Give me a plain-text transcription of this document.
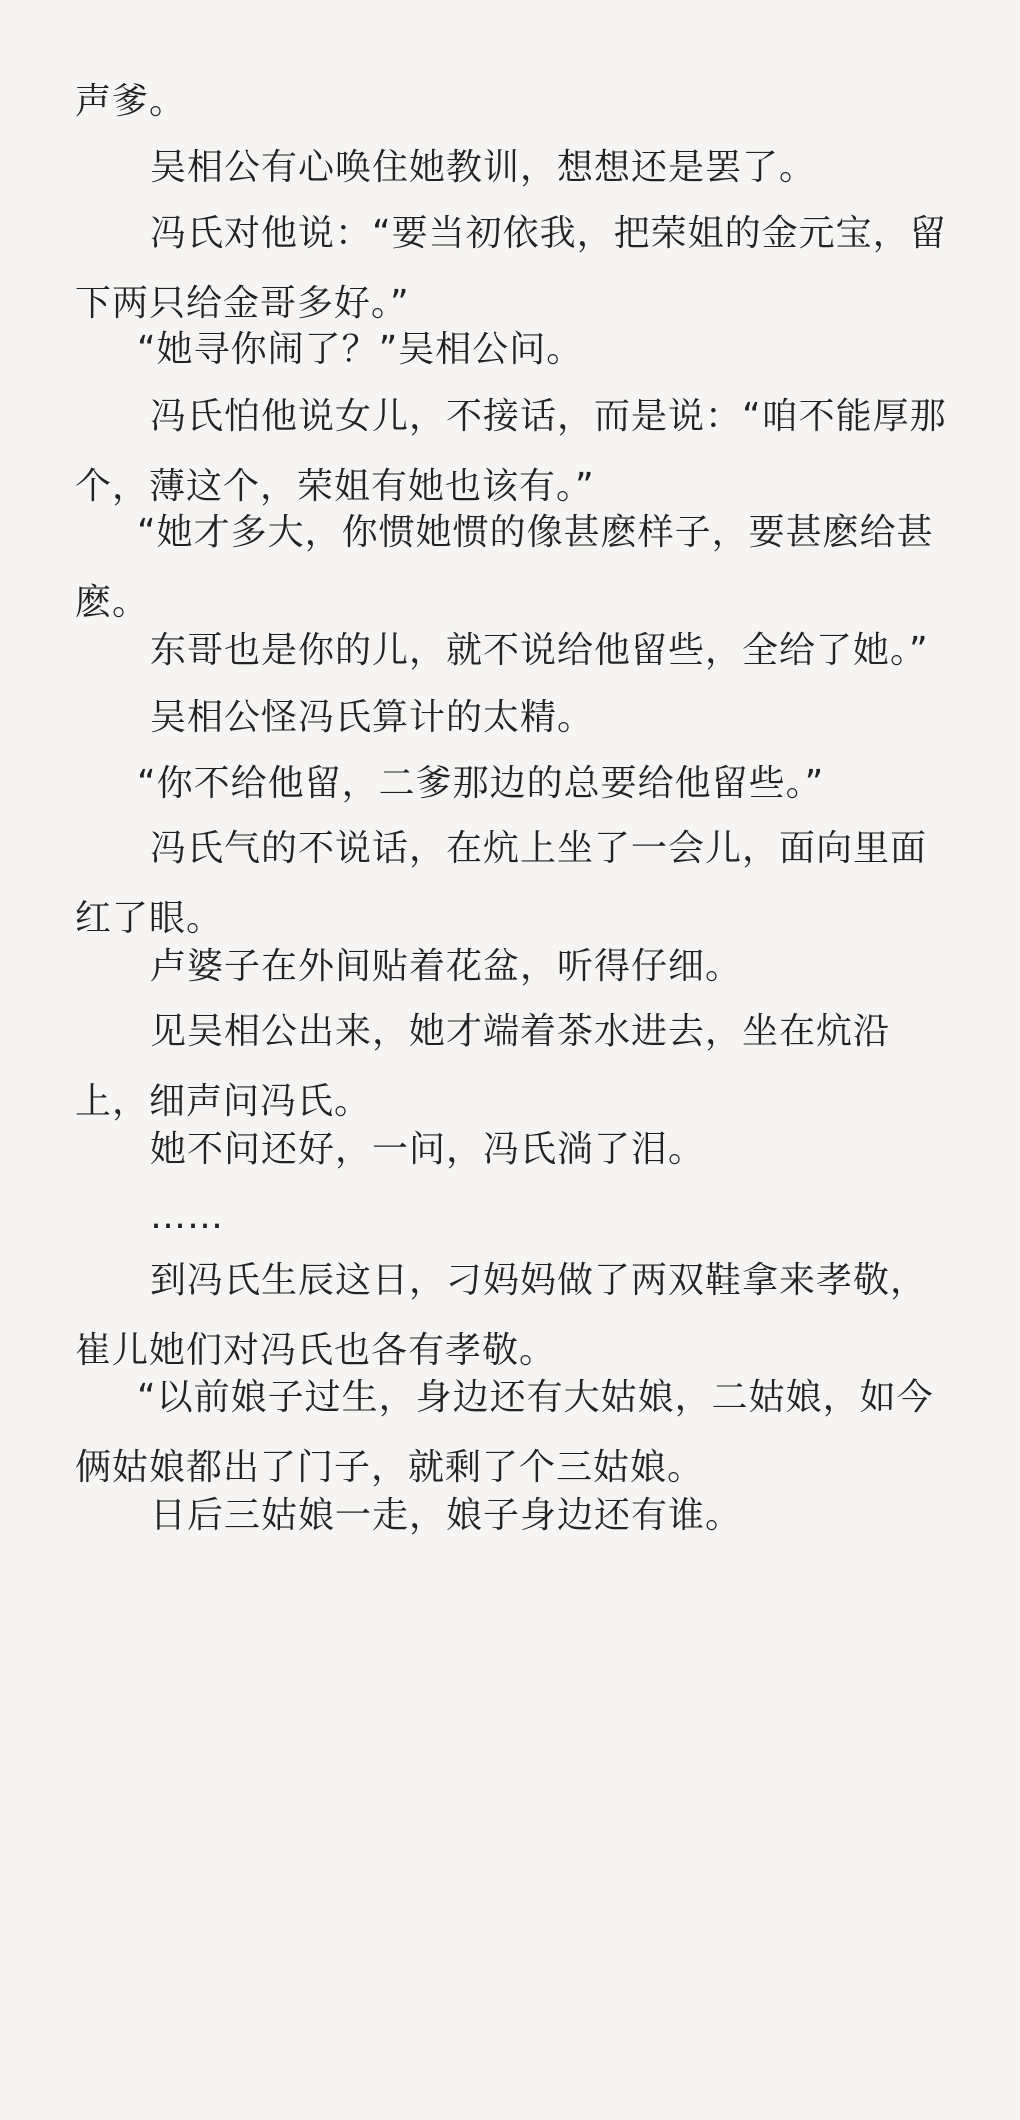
声爹。

吴相公有心唤住她教训，想想还是罢了。

冯氏对他说：“要当初依我，把荣姐的金元宝，留
下两只给金哥多好。”

“她寻你闹了？”吴相公问。

冯氏怕他说女儿，不接话，而是说：“咱不能厚那
个，薄这个，荣姐有她也该有。”

“她才多大，你惯她惯的像甚麽样子，要甚麽给甚
麽。

东哥也是你的儿，就不说给他留些，全给了她。”

吴相公怪冯氏算计的太精。

“你不给他留，二爹那边的总要给他留些。”

冯氏气的不说话，在炕上坐了一会儿，面向里面
红了眼。

卢婆子在外间贴着花盆，听得仔细。

见吴相公出来，她才端着茶水进去，坐在炕沿
上，细声问冯氏。

她不问还好，一问，冯氏淌了泪。

……

到冯氏生辰这日，刁妈妈做了两双鞋拿来孝敬，
崔儿她们对冯氏也各有孝敬。

“以前娘子过生，身边还有大姑娘，二姑娘，如今
俩姑娘都出了门子，就剩了个三姑娘。

日后三姑娘一走，娘子身边还有谁。
